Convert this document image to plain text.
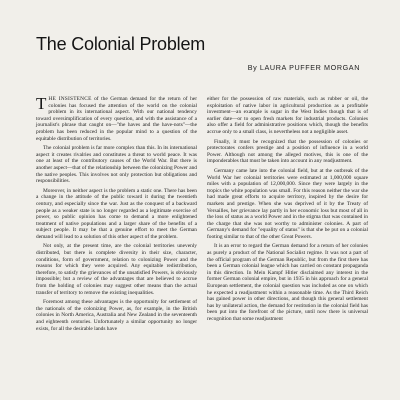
The Colonial Problem
By LAURA PUFFER MORGAN

THE INSISTENCE of the German demand for the return of her colonies has focused the attention of the world on the colonial problem in its international aspect. With our national tendency toward oversimplification of every question, and with the assistance of a journalist's phrase that caught on—"the haves and the have-nots"—the problem has been reduced in the popular mind to a question of the equitable distribution of territories.

The colonial problem is far more complex than this. In its international aspect it creates rivalries and constitutes a threat to world peace. It was one at least of the contributory causes of the World War. But there is another aspect—that of the relationship between the colonizing Power and the native peoples. This involves not only protection but obligations and responsibilities.

Moreover, in neither aspect is the problem a static one. There has been a change in the attitude of the public toward it during the twentieth century, and especially since the war. Just as the conquest of a backward people as a weaker state is no longer regarded as a legitimate exercise of power, so public opinion has come to demand a more enlightened treatment of native populations and a larger share of the benefits of a subject people. It may be that a genuine effort to meet the German demand will lead to a solution of this other aspect of the problem.

Not only, at the present time, are the colonial territories unevenly distributed, but there is complete diversity in their size, character, conditions, form of government, relation to colonizing Power and the reasons for which they were acquired. Any equitable redistribution, therefore, to satisfy the grievances of the unsatisfied Powers, is obviously impossible; but a review of the advantages that are believed to accrue from the holding of colonies may suggest other means than the actual transfer of territory to remove the existing inequalities.

Foremost among these advantages is the opportunity for settlement of the nationals of the colonizing Power, as, for example, in the British colonies in North America, Australia and New Zealand in the seventeenth and eighteenth centuries. Unfortunately a similar opportunity no longer exists, for all the desirable lands have

either for the possession of raw materials, such as rubber or oil, the exploitation of native labor in agricultural production as a profitable investment—an example is sugar in the West Indies though that is of earlier date—or to open fresh markets for industrial products. Colonies also offer a field for administrative positions which, though the benefits accrue only to a small class, is nevertheless not a negligible asset.

Finally, it must be recognized that the possession of colonies or protectorates confers prestige and a position of influence in a world Power. Although not among the alleged motives, this is one of the imponderables that must be taken into account in any readjustment.

Germany came late into the colonial field, but at the outbreak of the World War her colonial territories were estimated at 1,000,000 square miles with a population of 12,000,000. Since they were largely in the tropics the white population was small. For this reason neither the war she had made great efforts to acquire territory, inspired by the desire for markets and prestige. When she was deprived of it by the Treaty of Versailles, her grievance lay partly in her economic loss but most of all in the loss of status as a world Power and in the stigma that was contained in the charge that she was not worthy to administer colonies. A part of Germany's demand for "equality of status" is that she be put on a colonial footing similar to that of the other Great Powers.

It is an error to regard the German demand for a return of her colonies as purely a product of the National Socialist regime. It was not a part of the official program of the German Republic, but from the first there has been a German colonial league which has carried on constant propaganda in this direction. In Mein Kampf Hitler disclaimed any interest in the former German colonial empire, but in 1935 in his approach for a general European settlement, the colonial question was included as one on which he expected a readjustment within a reasonable time. As the Third Reich has gained power in other directions, and though this general settlement has by unilateral action, the demand for restitution in the colonial field has been put into the forefront of the picture, until now there is universal recognition that some readjustment
